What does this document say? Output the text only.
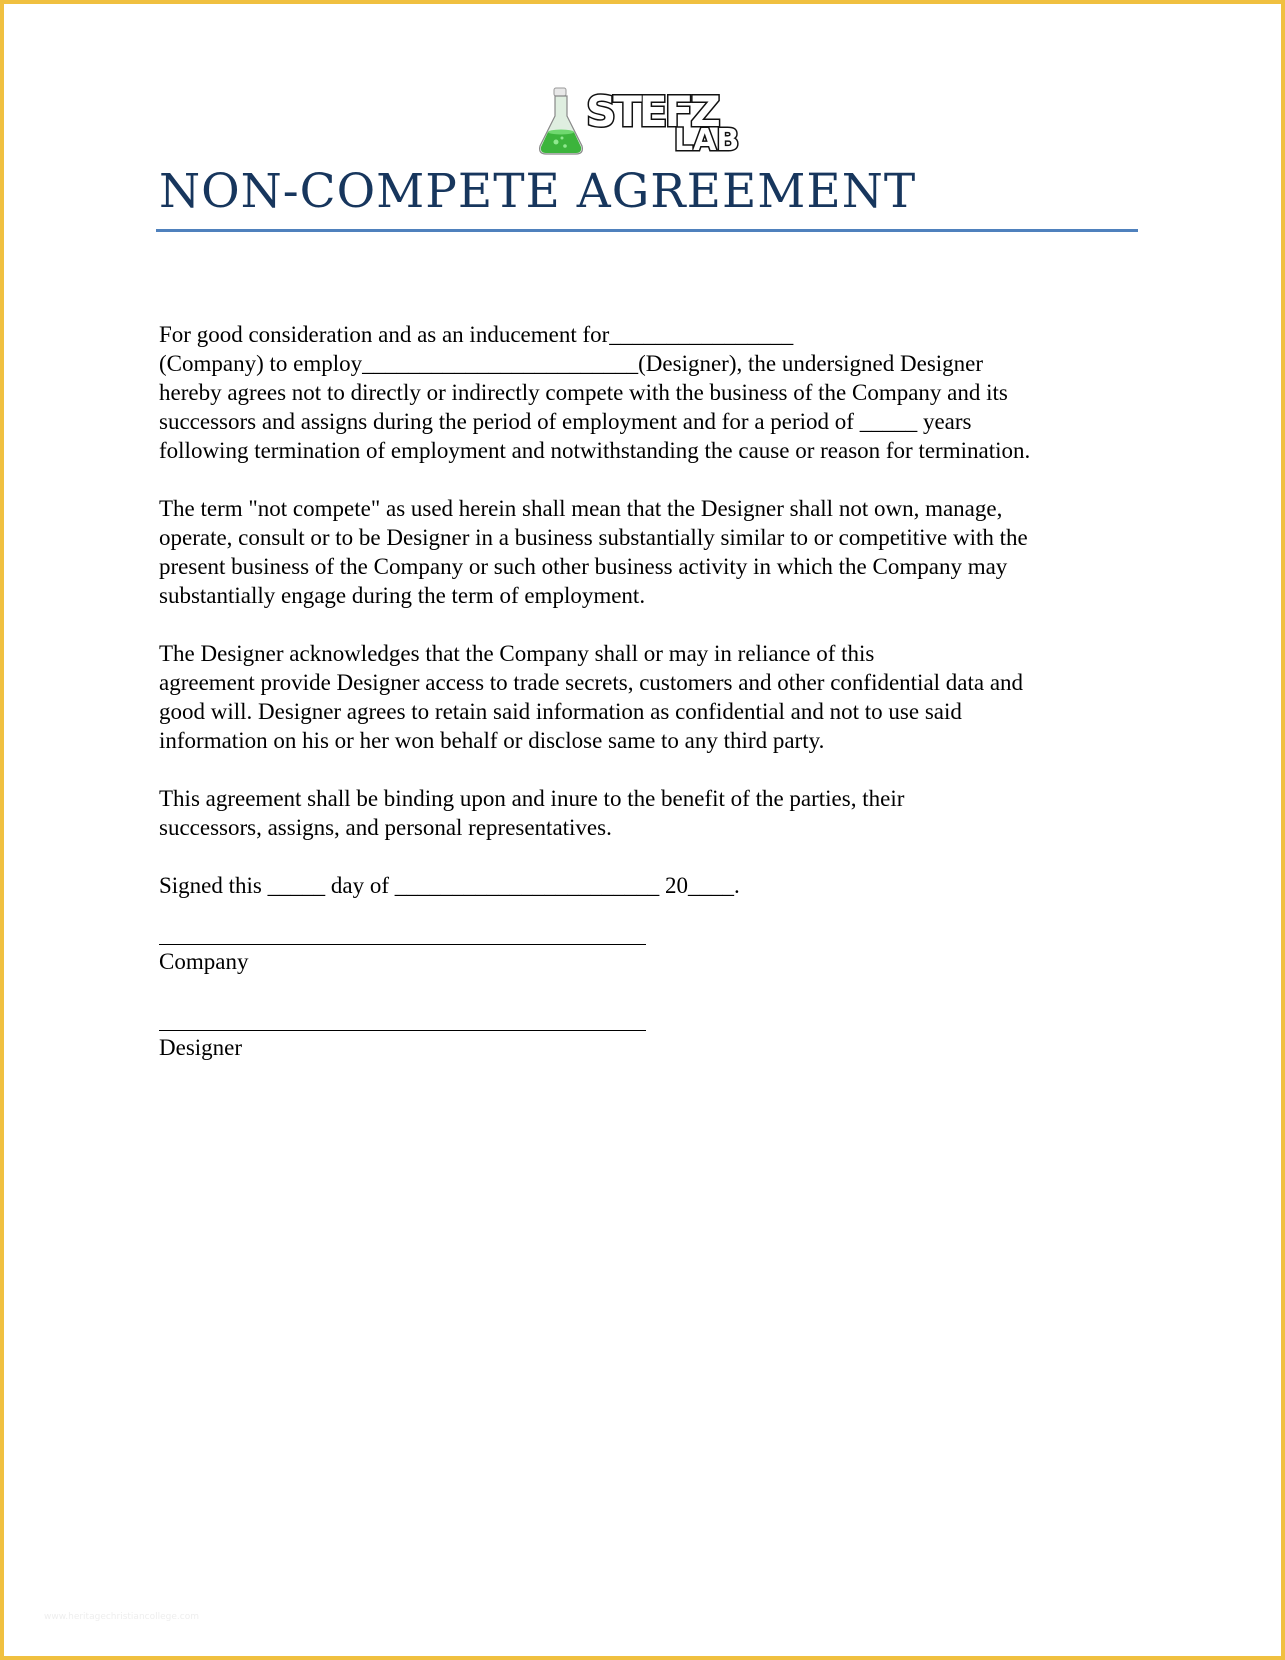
STEFZ
LAB
NON-COMPETE AGREEMENT

For good consideration and as an inducement for________________
(Company) to employ________________________(Designer), the undersigned Designer
hereby agrees not to directly or indirectly compete with the business of the Company and its
successors and assigns during the period of employment and for a period of _____ years
following termination of employment and notwithstanding the cause or reason for termination.

The term "not compete" as used herein shall mean that the Designer shall not own, manage,
operate, consult or to be Designer in a business substantially similar to or competitive with the
present business of the Company or such other business activity in which the Company may
substantially engage during the term of employment.

The Designer acknowledges that the Company shall or may in reliance of this
agreement provide Designer access to trade secrets, customers and other confidential data and
good will. Designer agrees to retain said information as confidential and not to use said
information on his or her won behalf or disclose same to any third party.

This agreement shall be binding upon and inure to the benefit of the parties, their
successors, assigns, and personal representatives.

Signed this _____ day of _______________________ 20____.

Company
Designer
www.heritagechristiancollege.com
